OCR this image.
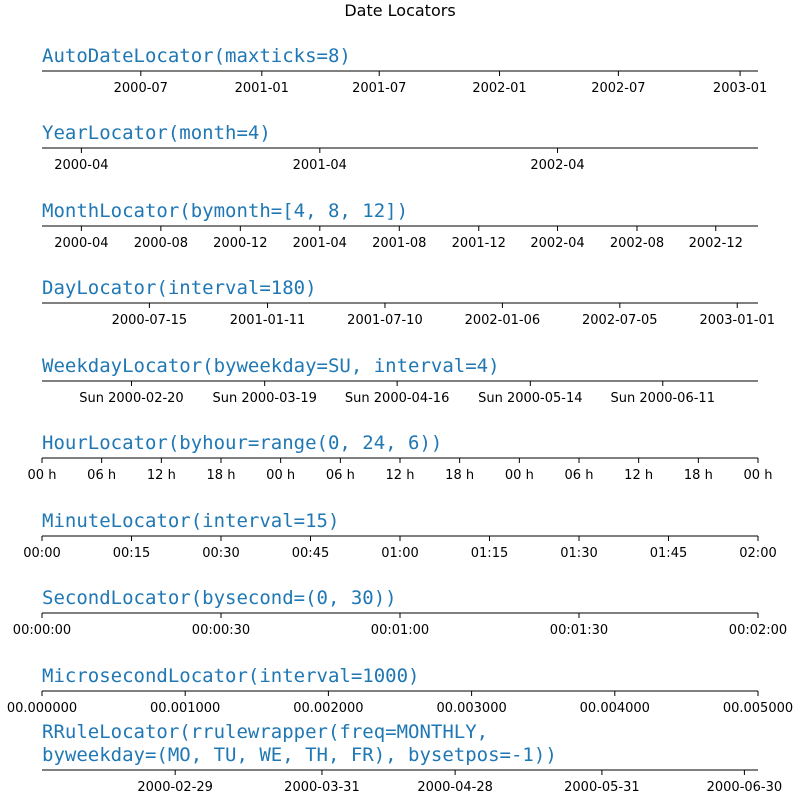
Date Locators
AutoDateLocator(maxticks=8)
2000-07	2001-01	2001-07	2002-01	2002-07	2003-01
YearLocator(month=4)
2000-04	2001-04	2002-04
MonthLocator(bymonth=[4, 8, 12])
2000-04 2000-08 2000-12 2001-04 2001-08 2001-12 2002-04 2002-08 2002-12
DayLocator(interval=180)
2000-07-15	2001-01-11	2001-07-10	2002-01-06	2002-07-05	2003-01-01
WeekdayLocator(byweekday=SU, interval=4)
Sun 2000-02-20 Sun 2000-03-19 Sun 2000-04-16 Sun 2000-05-14 Sun 2000-06-11
HourLocator(byhour=range(0, 24, 6))
00 h 06 h 12 h 18 h 00 h 06 h 12 h 18 h 00 h 06 h 12 h 18 h 00 h
MinuteLocator(interval=15)
00:00	00:15	00:30	00:45	01:00	01:15	01:30	01:45	02:00
SecondLocator(bysecond=(0, 30))
00:00:00	00:00:30	00:01:00	00:01:30	00:02:00
MicrosecondLocator(interval=1000)
00.000000	00.001000	00.002000	00.003000	00.004000	00.005000
RRuleLocator(rrulewrapper(freq=MONTHLY,
byweekday=(MO, TU, WE, TH, FR), bysetpos=-1))
2000-02-29	2000-03-31	2000-04-28	2000-05-31	2000-06-30
